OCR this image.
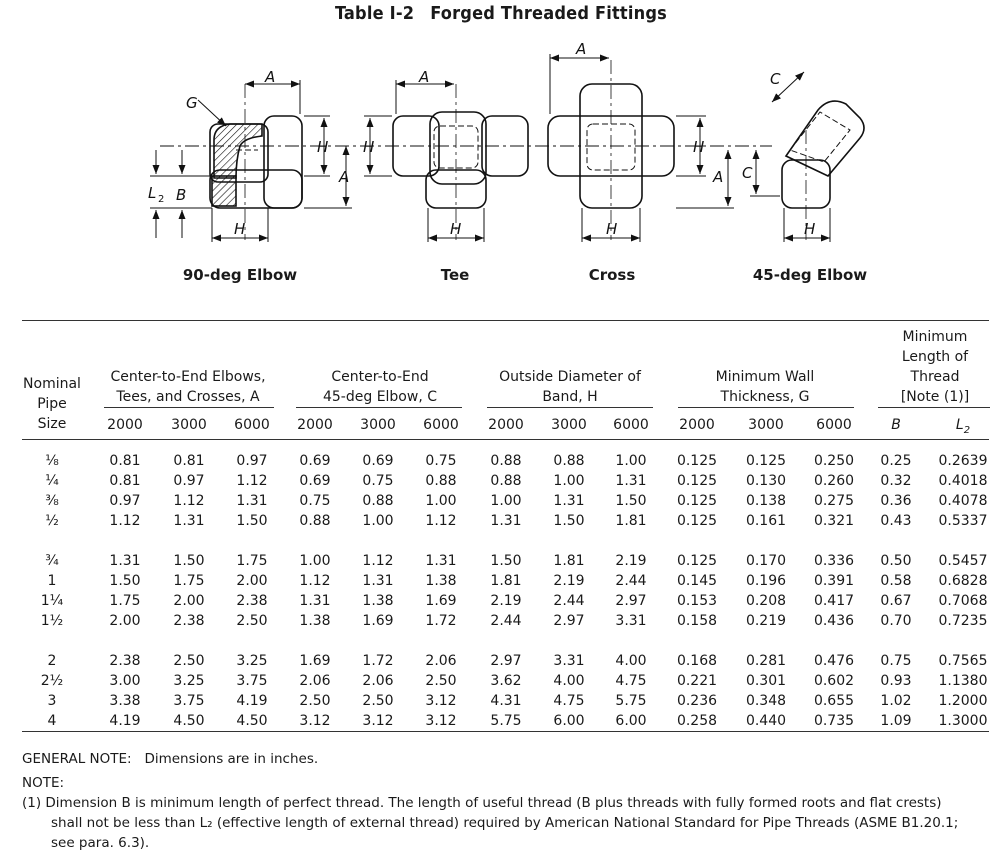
Table I-2 Forged Threaded Fittings
A
H
H
A
G
B
L 2
A
H
H
A
H
H
A C
C
H
90-deg Elbow	Tee	Cross	45-deg Elbow
Nominal
Pipe
Size
Center-to-End Elbows,
Tees, and Crosses, A
Center-to-End
45-deg Elbow, C
Outside Diameter of
Band, H
Minimum Wall
Thickness, G
Minimum
Length of
Thread
[Note (1)]
2000	3000	6000	2000	3000	6000	2000	3000	6000	2000	3000	6000	B	$L_2$
⅛	0.81	0.81	0.97	0.69	0.69	0.75	0.88	0.88	1.00	0.125	0.125	0.250	0.25	0.2639
¼	0.81	0.97	1.12	0.69	0.75	0.88	0.88	1.00	1.31	0.125	0.130	0.260	0.32	0.4018
⅜	0.97	1.12	1.31	0.75	0.88	1.00	1.00	1.31	1.50	0.125	0.138	0.275	0.36	0.4078
½	1.12	1.31	1.50	0.88	1.00	1.12	1.31	1.50	1.81	0.125	0.161	0.321	0.43	0.5337
¾	1.31	1.50	1.75	1.00	1.12	1.31	1.50	1.81	2.19	0.125	0.170	0.336	0.50	0.5457
1	1.50	1.75	2.00	1.12	1.31	1.38	1.81	2.19	2.44	0.145	0.196	0.391	0.58	0.6828
1¼	1.75	2.00	2.38	1.31	1.38	1.69	2.19	2.44	2.97	0.153	0.208	0.417	0.67	0.7068
1½	2.00	2.38	2.50	1.38	1.69	1.72	2.44	2.97	3.31	0.158	0.219	0.436	0.70	0.7235
2	2.38	2.50	3.25	1.69	1.72	2.06	2.97	3.31	4.00	0.168	0.281	0.476	0.75	0.7565
2½	3.00	3.25	3.75	2.06	2.06	2.50	3.62	4.00	4.75	0.221	0.301	0.602	0.93	1.1380
3	3.38	3.75	4.19	2.50	2.50	3.12	4.31	4.75	5.75	0.236	0.348	0.655	1.02	1.2000
4	4.19	4.50	4.50	3.12	3.12	3.12	5.75	6.00	6.00	0.258	0.440	0.735	1.09	1.3000
GENERAL NOTE: Dimensions are in inches.
NOTE:
(1) Dimension B is minimum length of perfect thread. The length of useful thread (B plus threads with fully formed roots and flat crests)
shall not be less than L₂ (effective length of external thread) required by American National Standard for Pipe Threads (ASME B1.20.1;
see para. 6.3).
